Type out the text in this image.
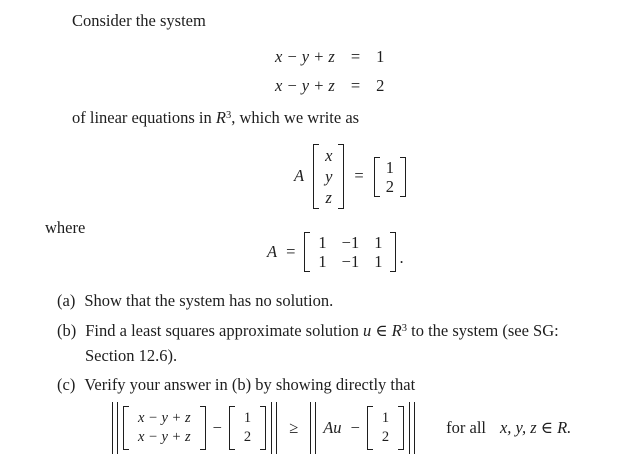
Consider the system
x − y + z = 1
x − y + z = 2
of linear equations in $R^3$, which we write as
A
x
y
z
= 1
2
where
A = 1 −1 1
1 −1 1 .
(a) Show that the system has no solution.
(b) Find a least squares approximate solution u ∈ $R^3$ to the system (see SG:
Section 12.6).
(c) Verify your answer in (b) by showing directly that
x − y + z
x − y + z
− 1
2
≥ Au − 1
2
for all x, y, z ∈ R.
